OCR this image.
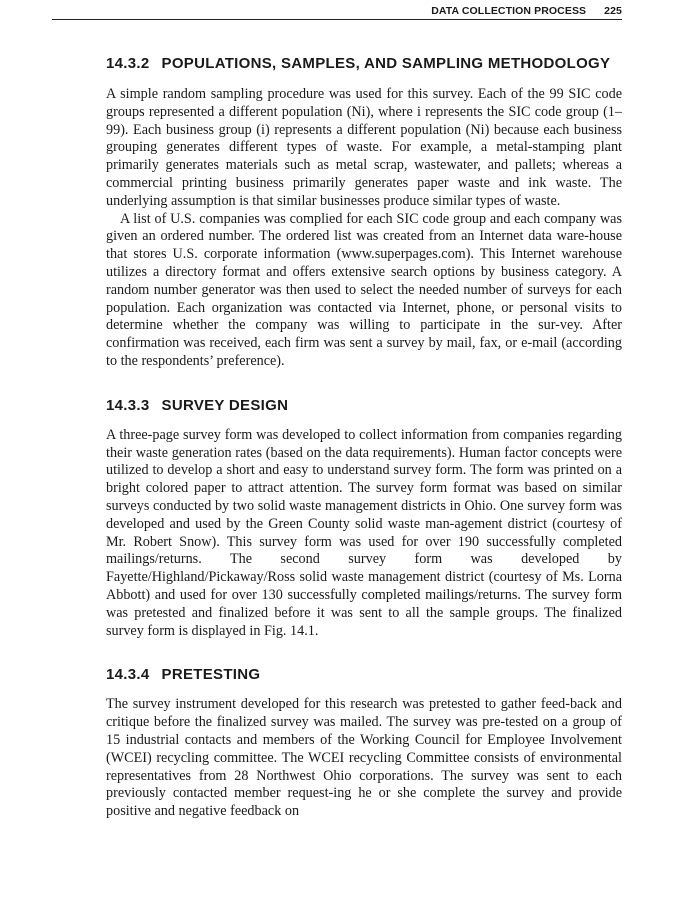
DATA COLLECTION PROCESS 225
14.3.2 POPULATIONS, SAMPLES, AND SAMPLING METHODOLOGY

A simple random sampling procedure was used for this survey. Each of the 99 SIC code groups represented a different population (Ni), where i represents the SIC code group (1–99). Each business group (i) represents a different population (Ni) because each business grouping generates different types of waste. For example, a metal-stamping plant primarily generates materials such as metal scrap, wastewater, and pallets; whereas a commercial printing business primarily generates paper waste and ink waste. The underlying assumption is that similar businesses produce similar types of waste.

A list of U.S. companies was complied for each SIC code group and each company was given an ordered number. The ordered list was created from an Internet data ware-house that stores U.S. corporate information (www.superpages.com). This Internet warehouse utilizes a directory format and offers extensive search options by business category. A random number generator was then used to select the needed number of surveys for each population. Each organization was contacted via Internet, phone, or personal visits to determine whether the company was willing to participate in the sur-vey. After confirmation was received, each firm was sent a survey by mail, fax, or e-mail (according to the respondents’ preference).

14.3.3 SURVEY DESIGN

A three-page survey form was developed to collect information from companies regarding their waste generation rates (based on the data requirements). Human factor concepts were utilized to develop a short and easy to understand survey form. The form was printed on a bright colored paper to attract attention. The survey form format was based on similar surveys conducted by two solid waste management districts in Ohio. One survey form was developed and used by the Green County solid waste man-agement district (courtesy of Mr. Robert Snow). This survey form was used for over 190 successfully completed mailings/returns. The second survey form was developed by Fayette/Highland/Pickaway/Ross solid waste management district (courtesy of Ms. Lorna Abbott) and used for over 130 successfully completed mailings/returns. The survey form was pretested and finalized before it was sent to all the sample groups. The finalized survey form is displayed in Fig. 14.1.

14.3.4 PRETESTING

The survey instrument developed for this research was pretested to gather feed-back and critique before the finalized survey was mailed. The survey was pre-tested on a group of 15 industrial contacts and members of the Working Council for Employee Involvement (WCEI) recycling committee. The WCEI recycling Committee consists of environmental representatives from 28 Northwest Ohio corporations. The survey was sent to each previously contacted member request-ing he or she complete the survey and provide positive and negative feedback on
